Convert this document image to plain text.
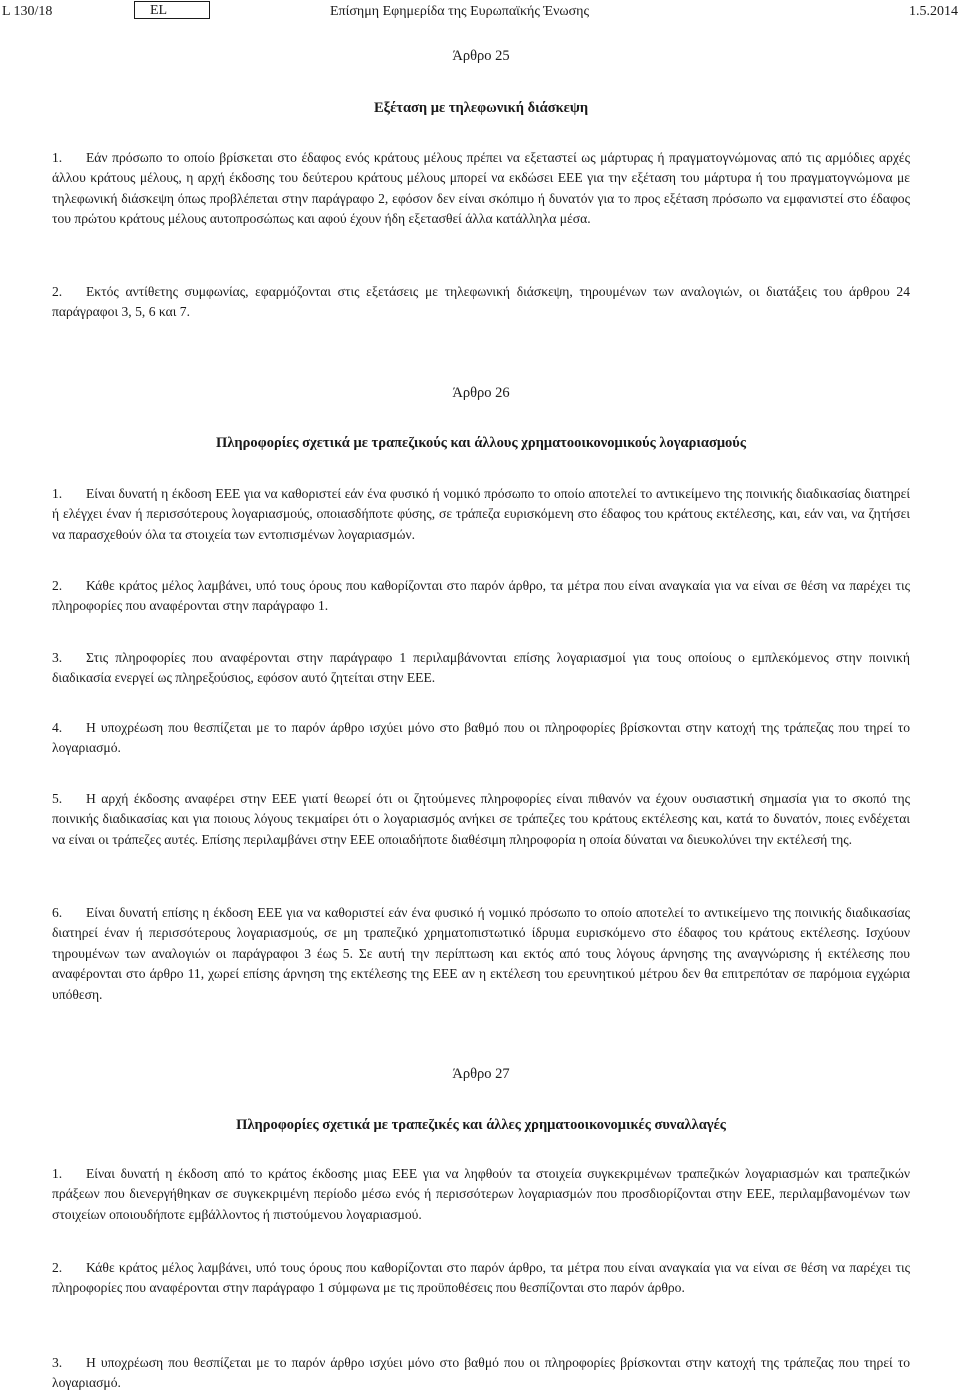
L 130/18	EL	Επίσημη Εφημερίδα της Ευρωπαϊκής Ένωσης	1.5.2014
Άρθρο 25
Εξέταση με τηλεφωνική διάσκεψη
1. Εάν πρόσωπο το οποίο βρίσκεται στο έδαφος ενός κράτους μέλους πρέπει να εξεταστεί ως μάρτυρας ή πραγματογνώμονας από τις αρμόδιες αρχές άλλου κράτους μέλους, η αρχή έκδοσης του δεύτερου κράτους μέλους μπορεί να εκδώσει ΕΕΕ για την εξέταση του μάρτυρα ή του πραγματογνώμονα με τηλεφωνική διάσκεψη όπως προβλέπεται στην παράγραφο 2, εφόσον δεν είναι σκόπιμο ή δυνατόν για το προς εξέταση πρόσωπο να εμφανιστεί στο έδαφος του πρώτου κράτους μέλους αυτοπροσώπως και αφού έχουν ήδη εξετασθεί άλλα κατάλληλα μέσα.
2. Εκτός αντίθετης συμφωνίας, εφαρμόζονται στις εξετάσεις με τηλεφωνική διάσκεψη, τηρουμένων των αναλογιών, οι διατάξεις του άρθρου 24 παράγραφοι 3, 5, 6 και 7.
Άρθρο 26
Πληροφορίες σχετικά με τραπεζικούς και άλλους χρηματοοικονομικούς λογαριασμούς
1. Είναι δυνατή η έκδοση ΕΕΕ για να καθοριστεί εάν ένα φυσικό ή νομικό πρόσωπο το οποίο αποτελεί το αντικείμενο της ποινικής διαδικασίας διατηρεί ή ελέγχει έναν ή περισσότερους λογαριασμούς, οποιασδήποτε φύσης, σε τράπεζα ευρισκόμενη στο έδαφος του κράτους εκτέλεσης, και, εάν ναι, να ζητήσει να παρασχεθούν όλα τα στοιχεία των εντοπισμένων λογαριασμών.
2. Κάθε κράτος μέλος λαμβάνει, υπό τους όρους που καθορίζονται στο παρόν άρθρο, τα μέτρα που είναι αναγκαία για να είναι σε θέση να παρέχει τις πληροφορίες που αναφέρονται στην παράγραφο 1.
3. Στις πληροφορίες που αναφέρονται στην παράγραφο 1 περιλαμβάνονται επίσης λογαριασμοί για τους οποίους ο εμπλεκόμενος στην ποινική διαδικασία ενεργεί ως πληρεξούσιος, εφόσον αυτό ζητείται στην ΕΕΕ.
4. Η υποχρέωση που θεσπίζεται με το παρόν άρθρο ισχύει μόνο στο βαθμό που οι πληροφορίες βρίσκονται στην κατοχή της τράπεζας που τηρεί το λογαριασμό.
5. Η αρχή έκδοσης αναφέρει στην ΕΕΕ γιατί θεωρεί ότι οι ζητούμενες πληροφορίες είναι πιθανόν να έχουν ουσιαστική σημασία για το σκοπό της ποινικής διαδικασίας και για ποιους λόγους τεκμαίρει ότι ο λογαριασμός ανήκει σε τράπεζες του κράτους εκτέλεσης και, κατά το δυνατόν, ποιες ενδέχεται να είναι οι τράπεζες αυτές. Επίσης περιλαμβάνει στην ΕΕΕ οποιαδήποτε διαθέσιμη πληροφορία η οποία δύναται να διευκολύνει την εκτέλεσή της.
6. Είναι δυνατή επίσης η έκδοση ΕΕΕ για να καθοριστεί εάν ένα φυσικό ή νομικό πρόσωπο το οποίο αποτελεί το αντικείμενο της ποινικής διαδικασίας διατηρεί έναν ή περισσότερους λογαριασμούς, σε μη τραπεζικό χρηματοπιστωτικό ίδρυμα ευρισκόμενο στο έδαφος του κράτους εκτέλεσης. Ισχύουν τηρουμένων των αναλογιών οι παράγραφοι 3 έως 5. Σε αυτή την περίπτωση και εκτός από τους λόγους άρνησης της αναγνώρισης ή εκτέλεσης που αναφέρονται στο άρθρο 11, χωρεί επίσης άρνηση της εκτέλεσης της ΕΕΕ αν η εκτέλεση του ερευνητικού μέτρου δεν θα επιτρεπόταν σε παρόμοια εγχώρια υπόθεση.
Άρθρο 27
Πληροφορίες σχετικά με τραπεζικές και άλλες χρηματοοικονομικές συναλλαγές
1. Είναι δυνατή η έκδοση από το κράτος έκδοσης μιας ΕΕΕ για να ληφθούν τα στοιχεία συγκεκριμένων τραπεζικών λογαριασμών και τραπεζικών πράξεων που διενεργήθηκαν σε συγκεκριμένη περίοδο μέσω ενός ή περισσότερων λογαριασμών που προσδιορίζονται στην ΕΕΕ, περιλαμβανομένων των στοιχείων οποιουδήποτε εμβάλλοντος ή πιστούμενου λογαριασμού.
2. Κάθε κράτος μέλος λαμβάνει, υπό τους όρους που καθορίζονται στο παρόν άρθρο, τα μέτρα που είναι αναγκαία για να είναι σε θέση να παρέχει τις πληροφορίες που αναφέρονται στην παράγραφο 1 σύμφωνα με τις προϋποθέσεις που θεσπίζονται στο παρόν άρθρο.
3. Η υποχρέωση που θεσπίζεται με το παρόν άρθρο ισχύει μόνο στο βαθμό που οι πληροφορίες βρίσκονται στην κατοχή της τράπεζας που τηρεί το λογαριασμό.
